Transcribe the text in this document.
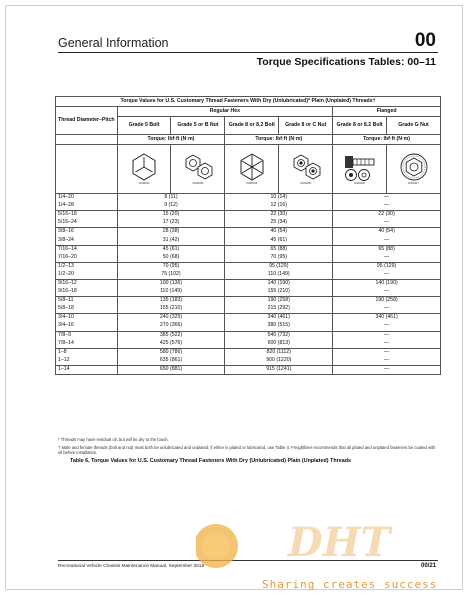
General Information	00
Torque Specifications Tables: 00–11
Torque Values for U.S. Customary Thread Fasteners With Dry (Unlubricated)* Plain (Unplated) Threads†						
Thread Diameter–Pitch	Regular Hex				Flanged	
	Grade 5 Bolt	Grade 5 or B Nut	Grade 8 or 8.2 Bolt	Grade 8 or C Nut	Grade 8 or 8.2 Bolt	Grade G Nut
	Torque: lbf·ft (N·m)		Torque: lbf·ft (N·m)		Torque: lbf·ft (N·m)	

	f230002	f230003	f230004	f230005	f230006	f230007

1/4–20	8 (11)		10 (14)		—	
1/4–28	9 (12)		12 (16)		—	
5/16–18	15 (20)		22 (30)		22 (30)	
5/16–24	17 (23)		25 (34)		—	
3/8–16	28 (38)		40 (54)		40 (54)	
3/8–24	31 (42)		45 (61)		—	
7/16–14	45 (61)		65 (88)		65 (88)	
7/16–20	50 (68)		70 (95)		—	
1/2–13	70 (95)		95 (129)		95 (129)	
1/2–20	75 (102)		110 (149)		—	
9/16–12	100 (136)		140 (190)		140 (190)	
9/16–18	110 (149)		155 (210)		—	
5/8–11	135 (183)		190 (258)		190 (258)	
5/8–18	155 (210)		215 (292)		—	
3/4–10	240 (325)		340 (461)		340 (461)	
3/4–16	270 (366)		380 (515)		—	
7/8–9	385 (522)		540 (732)		—	
7/8–14	425 (576)		600 (813)		—	
1–8	580 (786)		820 (1112)		—	
1–12	635 (861)		900 (1220)		—	
1–14	650 (881)		915 (1241)		—	
* Threads may have residual oil, but will be dry to the touch.
† Male and female threads (bolt and nut) must both be unlubricated and unplated; if either is plated or lubricated, use Table 4. Freightliner recommends that all plated and unplated fasteners be coated with oil before installation.
Table 6, Torque Values for U.S. Customary Thread Fasteners With Dry (Unlubricated) Plain (Unplated) Threads
Recreational Vehicle Chassis Maintenance Manual, September 2018	00/21
DHT
Sharing creates success
